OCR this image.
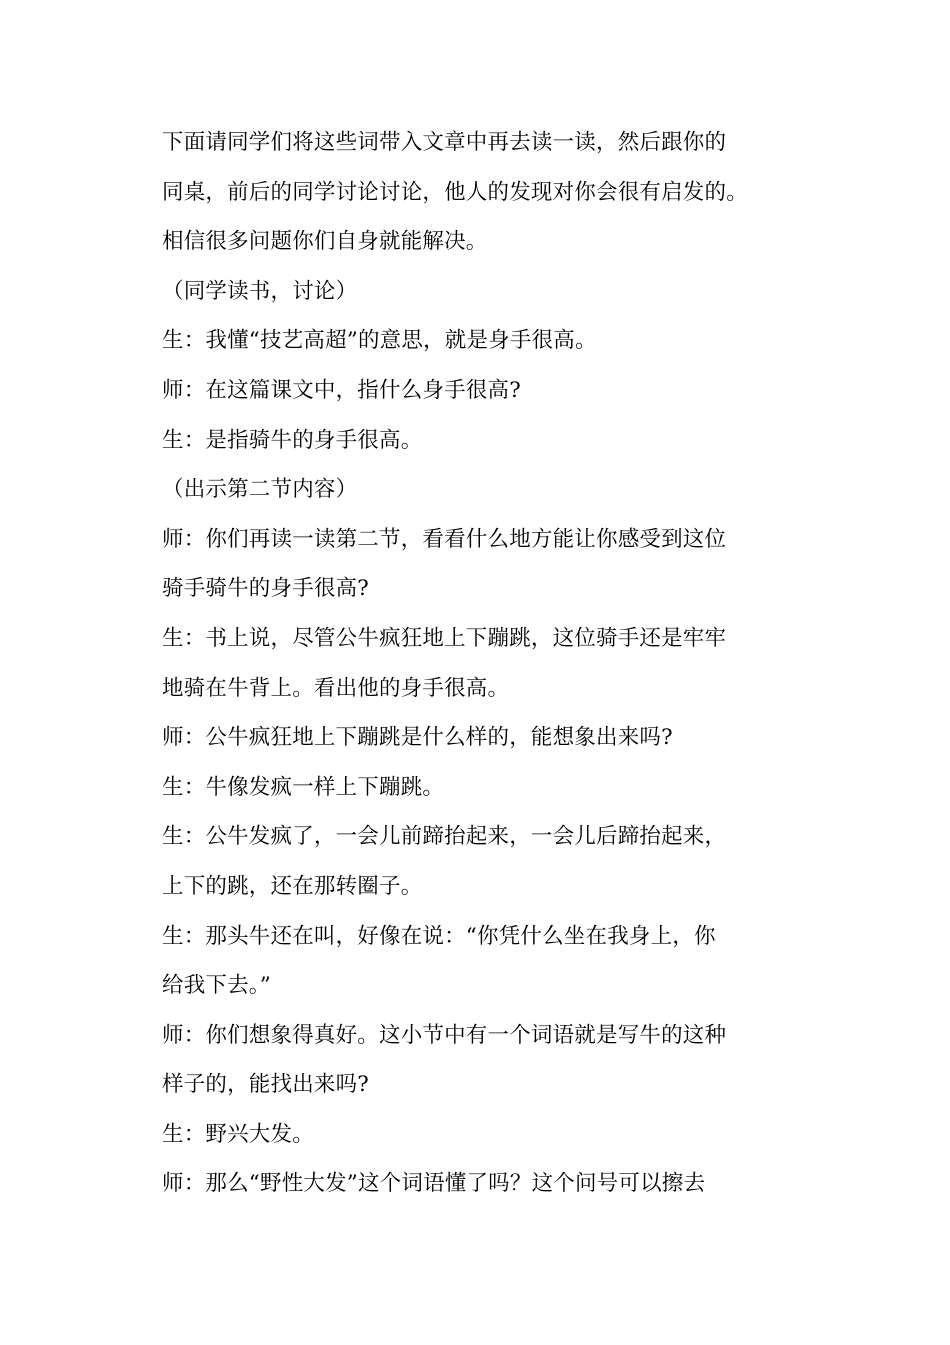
下面请同学们将这些词带入文章中再去读一读，然后跟你的
同桌，前后的同学讨论讨论，他人的发现对你会很有启发的。
相信很多问题你们自身就能解决。
（同学读书，讨论）
生：我懂“技艺高超”的意思，就是身手很高。
师：在这篇课文中，指什么身手很高?
生：是指骑牛的身手很高。
（出示第二节内容）
师：你们再读一读第二节，看看什么地方能让你感受到这位
骑手骑牛的身手很高?
生：书上说，尽管公牛疯狂地上下蹦跳，这位骑手还是牢牢
地骑在牛背上。看出他的身手很高。
师：公牛疯狂地上下蹦跳是什么样的，能想象出来吗?
生：牛像发疯一样上下蹦跳。
生：公牛发疯了，一会儿前蹄抬起来，一会儿后蹄抬起来，
上下的跳，还在那转圈子。
生：那头牛还在叫，好像在说：“你凭什么坐在我身上，你
给我下去。”
师：你们想象得真好。这小节中有一个词语就是写牛的这种
样子的，能找出来吗?
生：野兴大发。
师：那么“野性大发”这个词语懂了吗？这个问号可以擦去
